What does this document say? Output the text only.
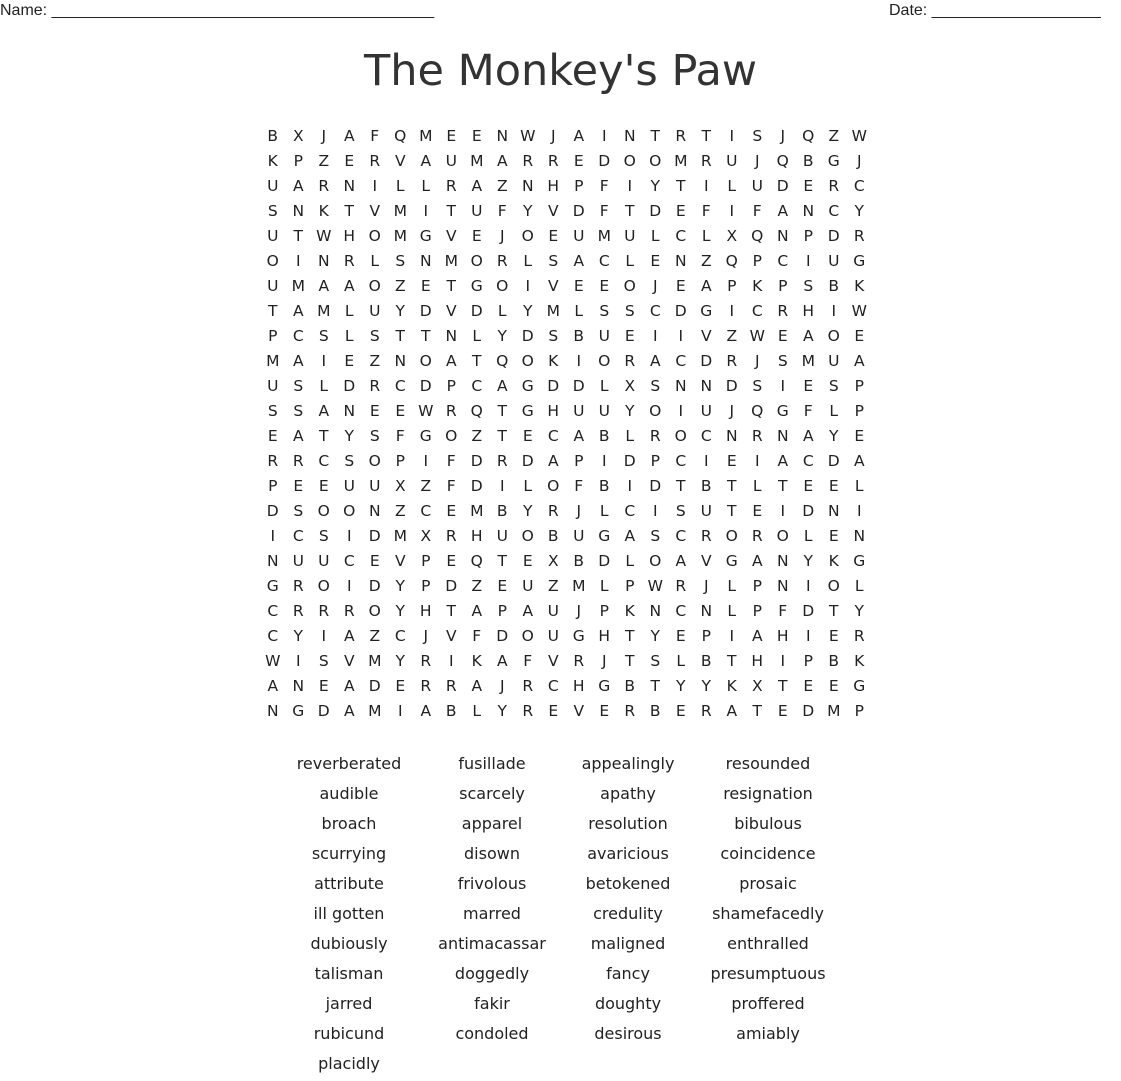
Name: ___________________________________________	Date: ___________________
The Monkey's Paw
B X	J	A	F Q M E	E N W	J	A	I	N T R T	I	S	J	Q Z W
K	P	Z E R V A U M A R R E D O O M R U	J	Q B G	J
U A R N	I	L	L	R A Z N H P	F	I	Y	T	I	L	U D E R C
S N K	T V M	I	T U F	Y V D F	T D E	F	I	F	A N C Y
U T W H O M G V E	J	O E U M U	L	C	L	X Q N P D R
O	I	N R	L	S N M O R	L	S A C	L	E N Z Q P C	I	U G
U M A A O Z E	T G O	I	V E	E O	J	E A	P	K	P	S B K
T A M L	U Y D V D L	Y M L	S	S C D G	I	C R H	I	W
P C S	L	S	T	T N L	Y D S B U E	I	I	V Z W E A O E
M A	I	E Z N O A T Q O K	I	O R A C D R	J	S M U A
U S	L D R C D P C A G D D L	X S N N D S	I	E	S	P
S	S A N E	E W R Q T G H U U Y O	I	U	J	Q G F	L	P
E A T	Y	S	F G O Z T	E C A B	L	R O C N R N A Y	E
R R C S O P	I	F D R D A	P	I	D P C	I	E	I	A C D A
P	E	E U U X Z	F D	I	L O F	B	I	D T B T	L	T	E	E	L
D S O O N Z C E M B Y R	J	L	C	I	S U T	E	I	D N	I
I	C S	I	D M X R H U O B U G A S C R O R O L	E N
N U U C E V	P	E Q T	E X B D L O A V G A N Y	K G
G R O	I	D Y	P D Z E U Z M L	P W R	J	L	P N	I	O L
C R R R O Y H T A	P	A U	J	P	K N C N L	P	F D T	Y
C Y	I	A Z C	J	V	F D O U G H T	Y	E	P	I	A H	I	E R
W	I	S V M Y R	I	K A	F	V R	J	T	S	L	B T H	I	P	B K
A N E A D E R R A	J	R C H G B T	Y	Y	K X T	E	E G
N G D A M	I	A B	L	Y R E V E R B E R A T	E D M P
reverberated	fusillade	appealingly	resounded
audible	scarcely	apathy	resignation
broach	apparel	resolution	bibulous
scurrying	disown	avaricious	coincidence
attribute	frivolous	betokened	prosaic
ill gotten	marred	credulity	shamefacedly
dubiously	antimacassar	maligned	enthralled
talisman	doggedly	fancy	presumptuous
jarred	fakir	doughty	proffered
rubicund	condoled	desirous	amiably
placidly
